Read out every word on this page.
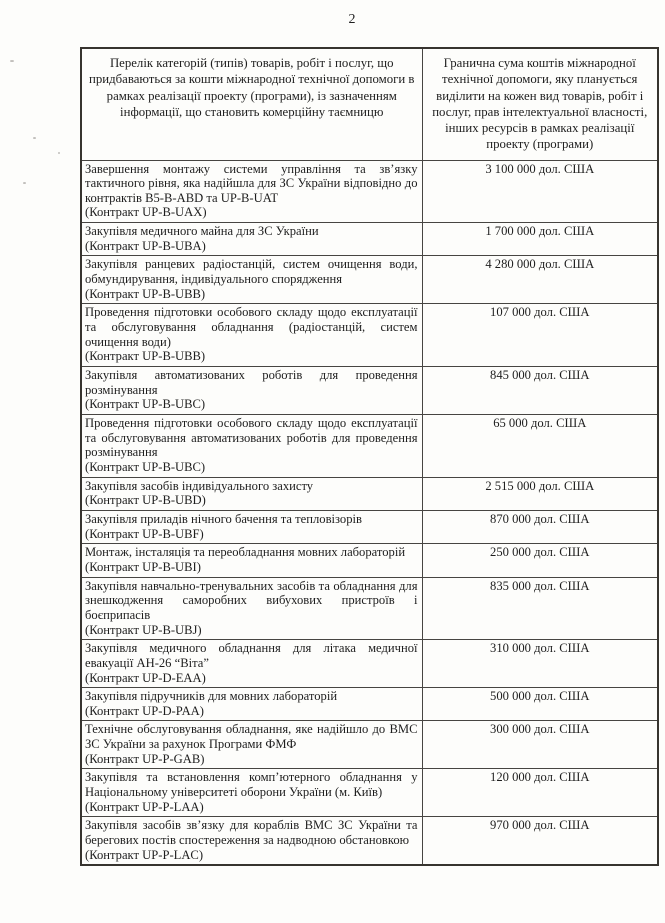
2
Перелік категорій (типів) товарів, робіт і послуг, що придбаваються за кошти міжнародної технічної допомоги в рамках реалізації проекту (програми), із зазначенням інформації, що становить комерційну таємницю	Гранична сума коштів міжнародної технічної допомоги, яку планується виділити на кожен вид товарів, робіт і послуг, прав інтелектуальної власності, інших ресурсів в рамках реалізації проекту (програми)

Завершення монтажу системи управління та зв’язку тактичного рівня, яка надійшла для ЗС України відповідно до контрактів B5-B-ABD та UP-B-UAT
(Контракт UP-B-UAX)	3 100 000 дол. США

Закупівля медичного майна для ЗС України
(Контракт UP-B-UBA)	1 700 000 дол. США

Закупівля ранцевих радіостанцій, систем очищення води, обмундирування, індивідуального спорядження
(Контракт UP-B-UBB)	4 280 000 дол. США

Проведення підготовки особового складу щодо експлуатації та обслуговування обладнання (радіостанцій, систем очищення води)
(Контракт UP-B-UBB)	107 000 дол. США

Закупівля автоматизованих роботів для проведення розмінування
(Контракт UP-B-UBC)	845 000 дол. США

Проведення підготовки особового складу щодо експлуатації та обслуговування автоматизованих роботів для проведення розмінування
(Контракт UP-B-UBC)	65 000 дол. США

Закупівля засобів індивідуального захисту
(Контракт UP-B-UBD)	2 515 000 дол. США

Закупівля приладів нічного бачення та тепловізорів
(Контракт UP-B-UBF)	870 000 дол. США

Монтаж, інсталяція та переобладнання мовних лабораторій
(Контракт UP-B-UBI)	250 000 дол. США

Закупівля навчально-тренувальних засобів та обладнання для знешкодження саморобних вибухових пристроїв і боєприпасів
(Контракт UP-B-UBJ)	835 000 дол. США

Закупівля медичного обладнання для літака медичної евакуації АН-26 “Віта”
(Контракт UP-D-EAA)	310 000 дол. США

Закупівля підручників для мовних лабораторій
(Контракт UP-D-PAA)	500 000 дол. США

Технічне обслуговування обладнання, яке надійшло до ВМС ЗС України за рахунок Програми ФМФ
(Контракт UP-P-GAB)	300 000 дол. США

Закупівля та встановлення комп’ютерного обладнання у Національному університеті оборони України (м. Київ)
(Контракт UP-P-LAA)	120 000 дол. США

Закупівля засобів зв’язку для кораблів ВМС ЗС України та берегових постів спостереження за надводною обстановкою
(Контракт UP-P-LAC)	970 000 дол. США
